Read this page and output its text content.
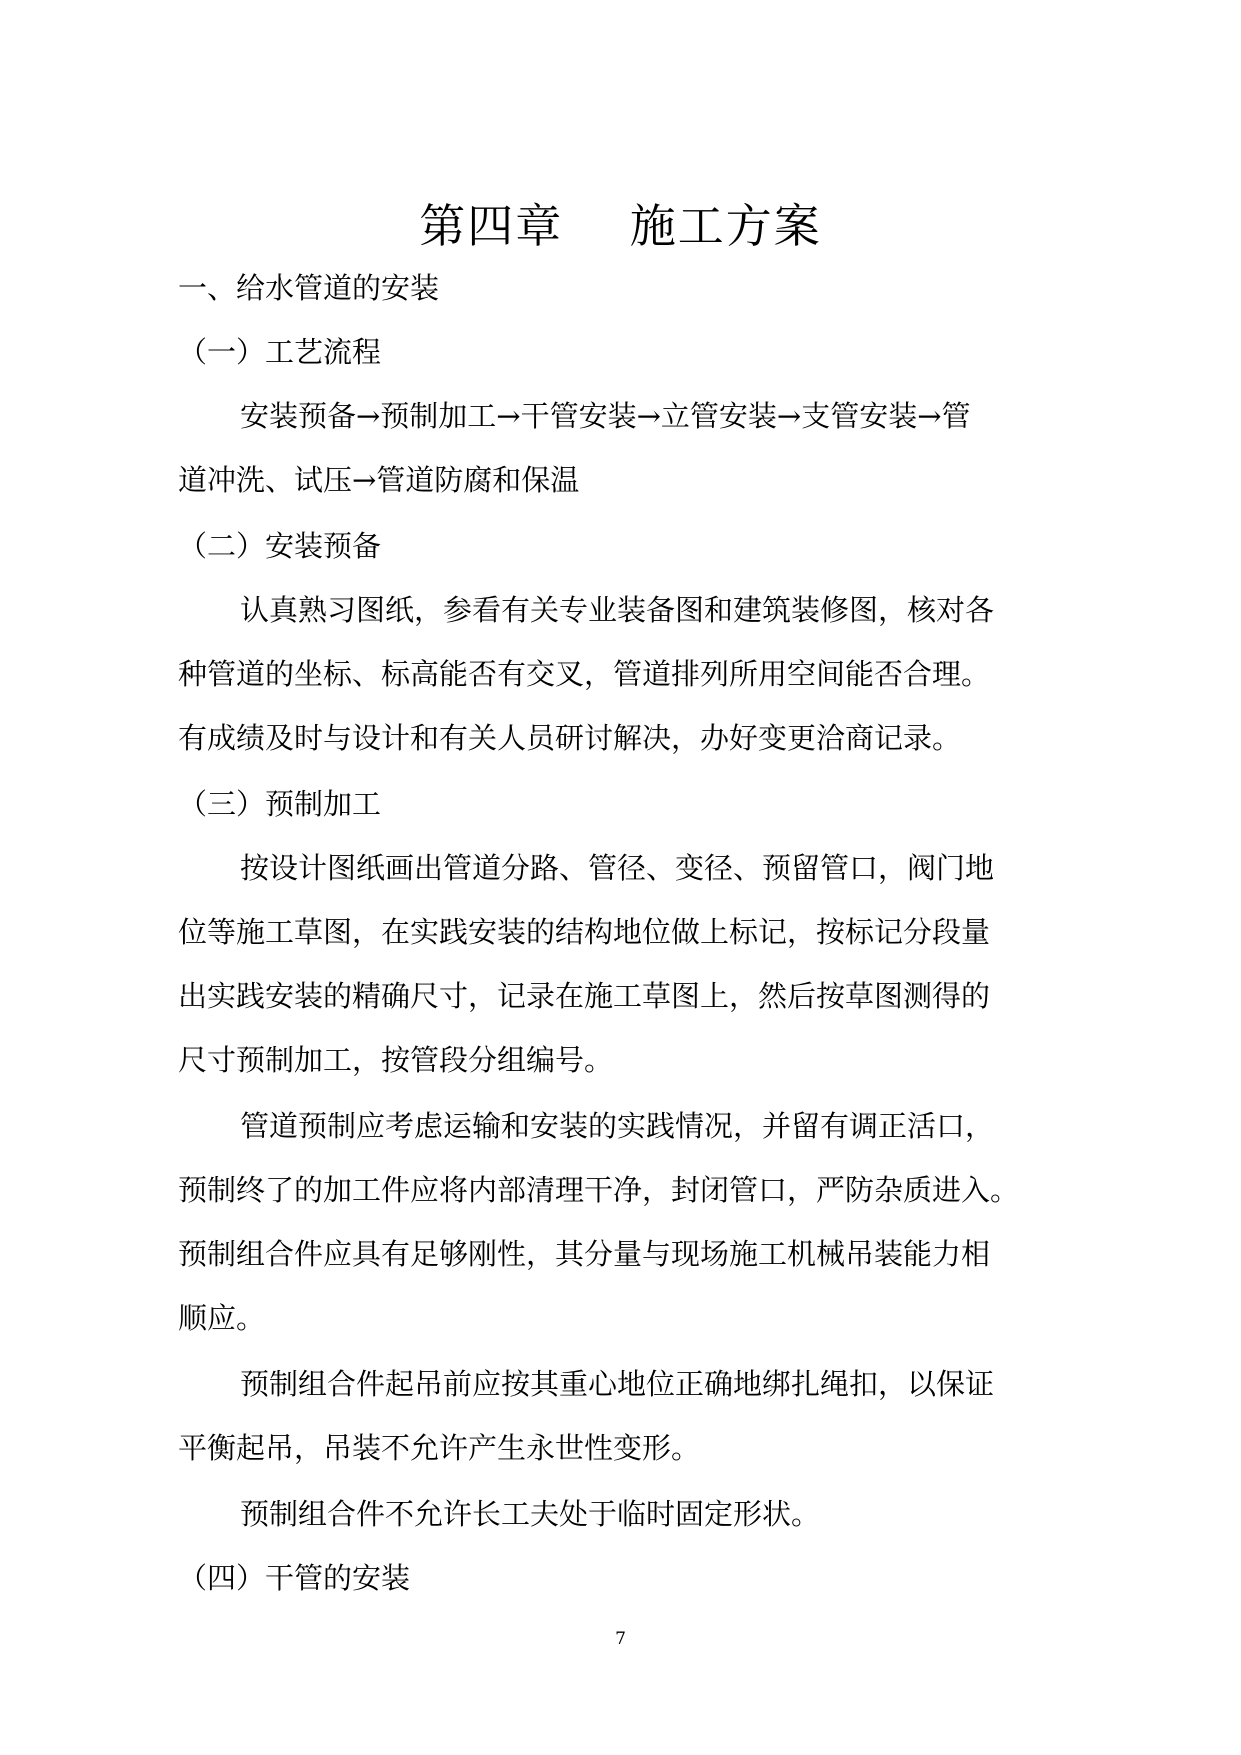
第四章    施工方案
一、给水管道的安装
（一）工艺流程
安装预备→预制加工→干管安装→立管安装→支管安装→管
道冲洗、试压→管道防腐和保温
（二）安装预备
认真熟习图纸，参看有关专业装备图和建筑装修图，核对各
种管道的坐标、标高能否有交叉，管道排列所用空间能否合理。
有成绩及时与设计和有关人员研讨解决，办好变更洽商记录。
（三）预制加工
按设计图纸画出管道分路、管径、变径、预留管口，阀门地
位等施工草图，在实践安装的结构地位做上标记，按标记分段量
出实践安装的精确尺寸，记录在施工草图上，然后按草图测得的
尺寸预制加工，按管段分组编号。
管道预制应考虑运输和安装的实践情况，并留有调正活口，
预制终了的加工件应将内部清理干净，封闭管口，严防杂质进入。
预制组合件应具有足够刚性，其分量与现场施工机械吊装能力相
顺应。
预制组合件起吊前应按其重心地位正确地绑扎绳扣，以保证
平衡起吊，吊装不允许产生永世性变形。
预制组合件不允许长工夫处于临时固定形状。
（四）干管的安装
7
